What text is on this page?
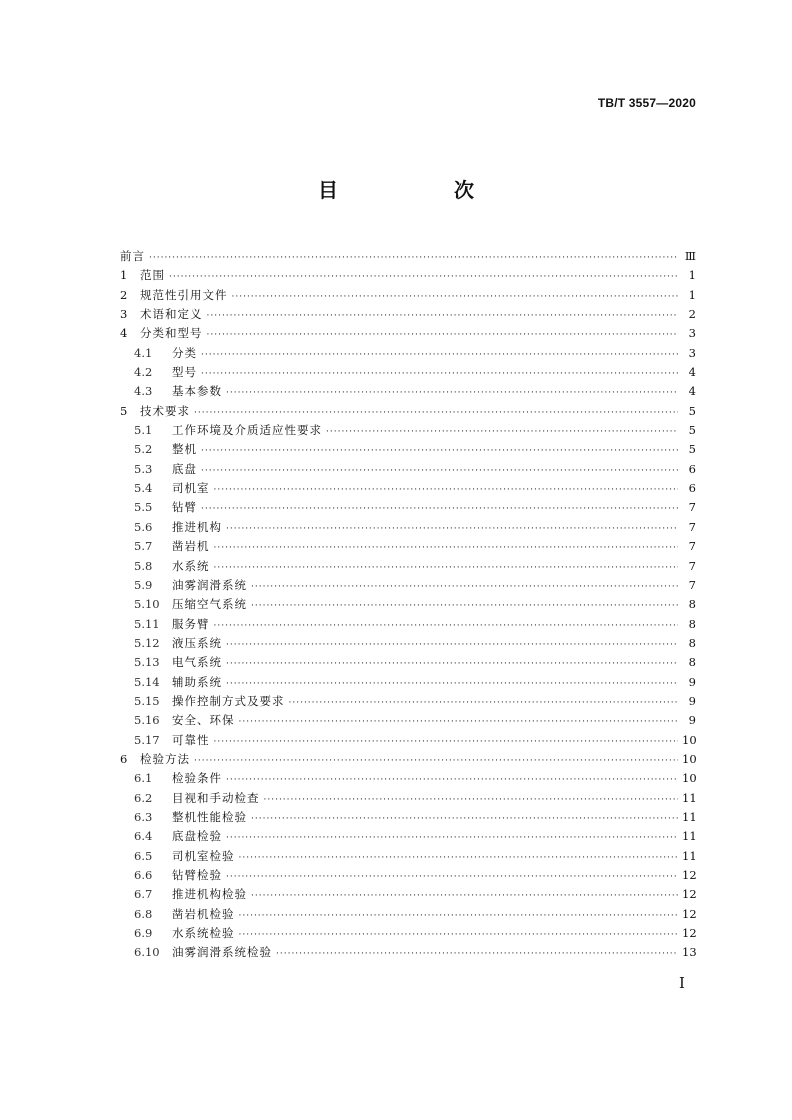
TB/T 3557—2020
目　次
前言 ·····	Ⅲ
1	范围 ·····	1
2	规范性引用文件 ·····	1
3	术语和定义 ·····	2
4	分类和型号 ·····	3
4.1	分类 ·····	3
4.2	型号 ·····	4
4.3	基本参数 ·····	4
5	技术要求 ·····	5
5.1	工作环境及介质适应性要求 ·····	5
5.2	整机 ·····	5
5.3	底盘 ·····	6
5.4	司机室 ·····	6
5.5	钻臂 ·····	7
5.6	推进机构 ·····	7
5.7	凿岩机 ·····	7
5.8	水系统 ·····	7
5.9	油雾润滑系统 ·····	7
5.10	压缩空气系统 ·····	8
5.11	服务臂 ·····	8
5.12	液压系统 ·····	8
5.13	电气系统 ·····	8
5.14	辅助系统 ·····	9
5.15	操作控制方式及要求 ·····	9
5.16	安全、环保 ·····	9
5.17	可靠性 ·····	10
6	检验方法 ·····	10
6.1	检验条件 ·····	10
6.2	目视和手动检查 ·····	11
6.3	整机性能检验 ·····	11
6.4	底盘检验 ·····	11
6.5	司机室检验 ·····	11
6.6	钻臂检验 ·····	12
6.7	推进机构检验 ·····	12
6.8	凿岩机检验 ·····	12
6.9	水系统检验 ·····	12
6.10	油雾润滑系统检验 ·····	13
Ⅰ
